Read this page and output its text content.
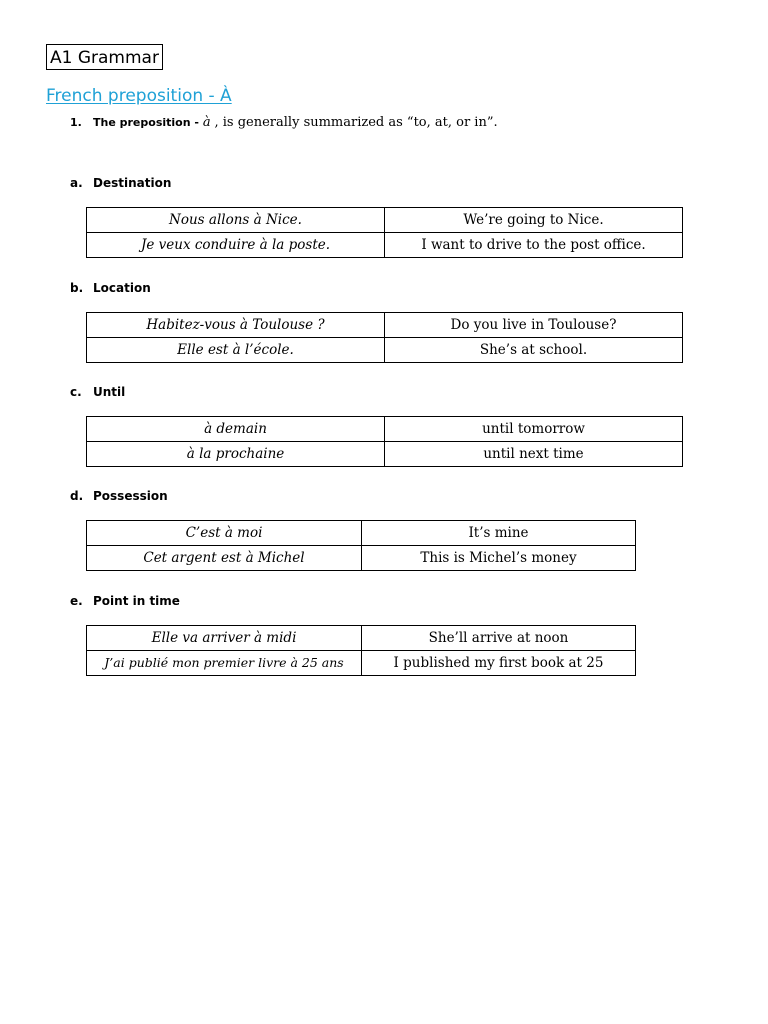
A1 Grammar
French preposition - À
1. The preposition - à , is generally summarized as “to, at, or in”.
a. Destination
Nous allons à Nice.	We’re going to Nice.
Je veux conduire à la poste.	I want to drive to the post office.
b. Location
Habitez-vous à Toulouse ?	Do you live in Toulouse?
Elle est à l’école.	She’s at school.
c. Until
à demain	until tomorrow
à la prochaine	until next time
d. Possession
C’est à moi	It’s mine
Cet argent est à Michel	This is Michel’s money
e. Point in time
Elle va arriver à midi	She’ll arrive at noon
J’ai publié mon premier livre à 25 ans	I published my first book at 25
